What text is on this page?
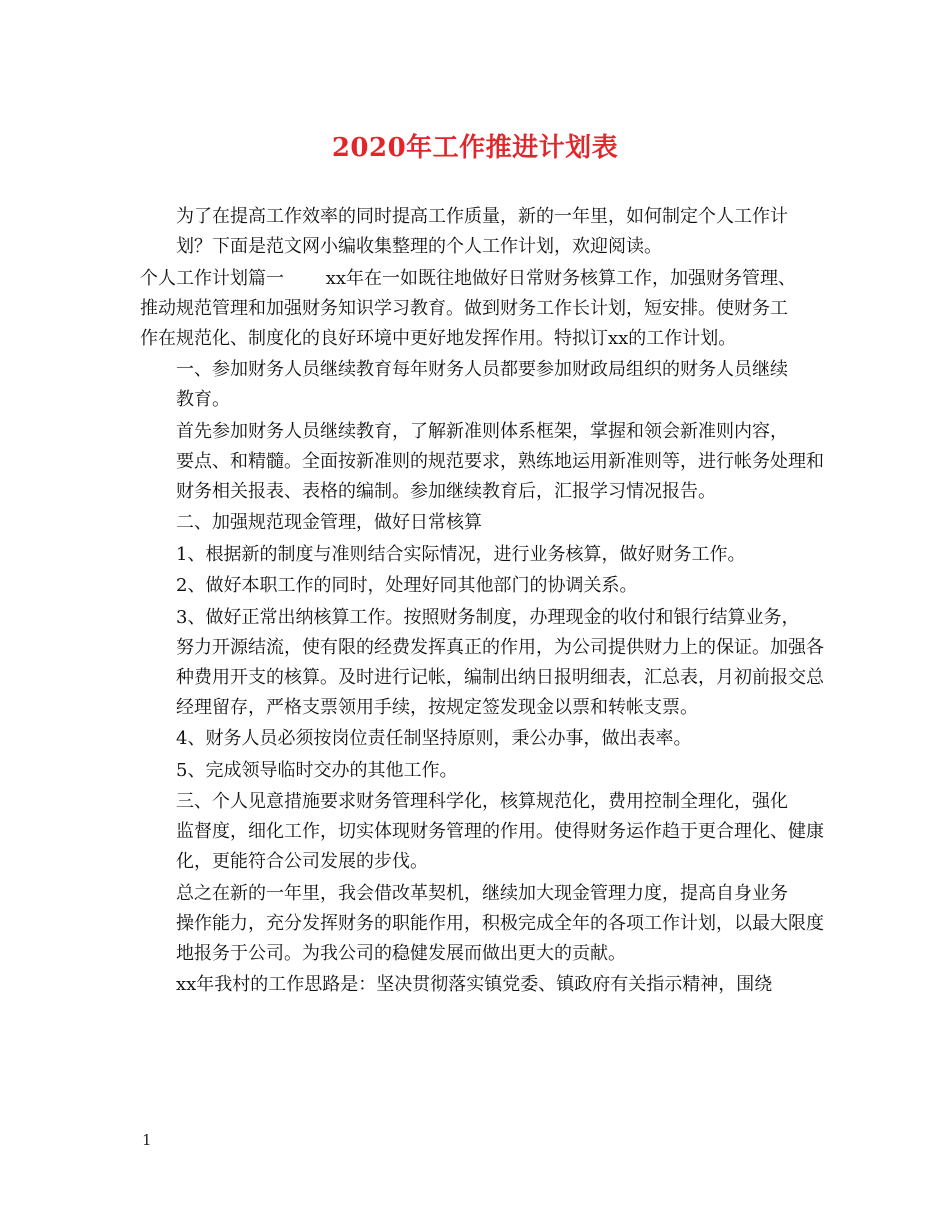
2020年工作推进计划表
为了在提高工作效率的同时提高工作质量，新的一年里，如何制定个人工作计
划？下面是范文网小编收集整理的个人工作计划，欢迎阅读。
个人工作计划篇一　　 xx年在一如既往地做好日常财务核算工作，加强财务管理、
推动规范管理和加强财务知识学习教育。做到财务工作长计划，短安排。使财务工
作在规范化、制度化的良好环境中更好地发挥作用。特拟订xx的工作计划。
一、参加财务人员继续教育每年财务人员都要参加财政局组织的财务人员继续
教育。
首先参加财务人员继续教育，了解新准则体系框架，掌握和领会新准则内容，
要点、和精髓。全面按新准则的规范要求，熟练地运用新准则等，进行帐务处理和
财务相关报表、表格的编制。参加继续教育后，汇报学习情况报告。
二、加强规范现金管理，做好日常核算
1、根据新的制度与准则结合实际情况，进行业务核算，做好财务工作。
2、做好本职工作的同时，处理好同其他部门的协调关系。
3、做好正常出纳核算工作。按照财务制度，办理现金的收付和银行结算业务，
努力开源结流，使有限的经费发挥真正的作用，为公司提供财力上的保证。加强各
种费用开支的核算。及时进行记帐，编制出纳日报明细表，汇总表，月初前报交总
经理留存，严格支票领用手续，按规定签发现金以票和转帐支票。
4、财务人员必须按岗位责任制坚持原则，秉公办事，做出表率。
5、完成领导临时交办的其他工作。
三、个人见意措施要求财务管理科学化，核算规范化，费用控制全理化，强化
监督度，细化工作，切实体现财务管理的作用。使得财务运作趋于更合理化、健康
化，更能符合公司发展的步伐。
总之在新的一年里，我会借改革契机，继续加大现金管理力度，提高自身业务
操作能力，充分发挥财务的职能作用，积极完成全年的各项工作计划，以最大限度
地报务于公司。为我公司的稳健发展而做出更大的贡献。
xx年我村的工作思路是：坚决贯彻落实镇党委、镇政府有关指示精神，围绕
1
